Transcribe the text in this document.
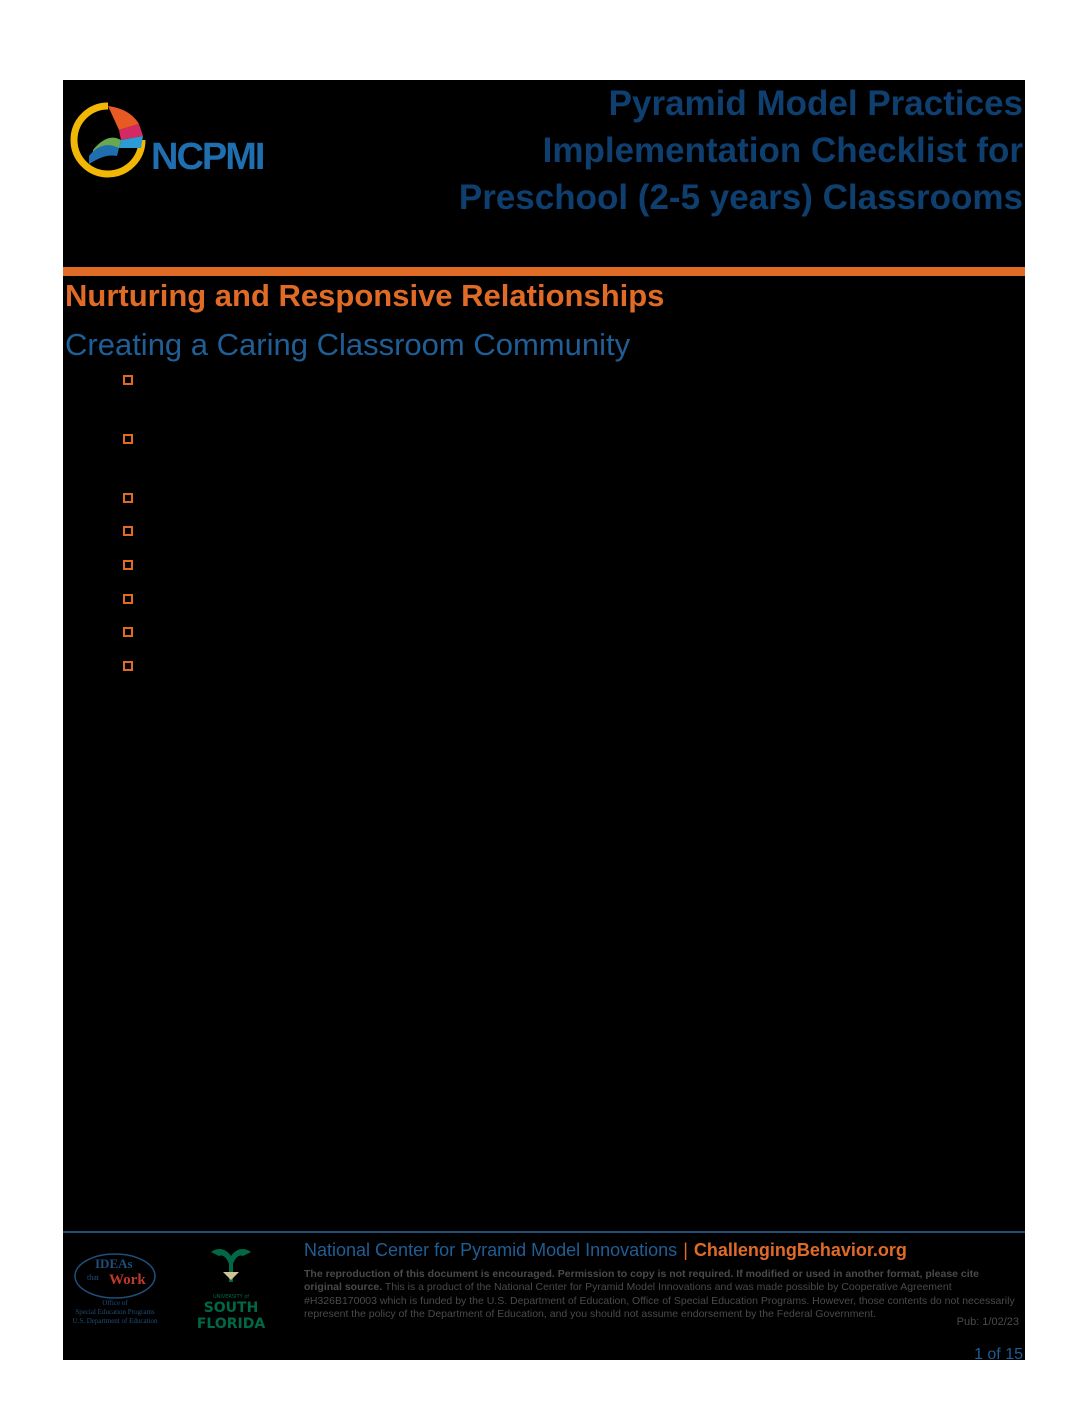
NCPMI
Pyramid Model Practices
Implementation Checklist for
Preschool (2-5 years) Classrooms
Nurturing and Responsive Relationships
Creating a Caring Classroom Community
IDEAs
that Work
Office of
Special Education Programs
U.S. Department of Education
UNIVERSITY of
SOUTH
FLORIDA
National Center for Pyramid Model Innovations | ChallengingBehavior.org
The reproduction of this document is encouraged. Permission to copy is not required. If modified or used in another format, please cite original source. This is a product of the National Center for Pyramid Model Innovations and was made possible by Cooperative Agreement #H326B170003 which is funded by the U.S. Department of Education, Office of Special Education Programs. However, those contents do not necessarily represent the policy of the Department of Education, and you should not assume endorsement by the Federal Government.
Pub: 1/02/23
1 of 15
